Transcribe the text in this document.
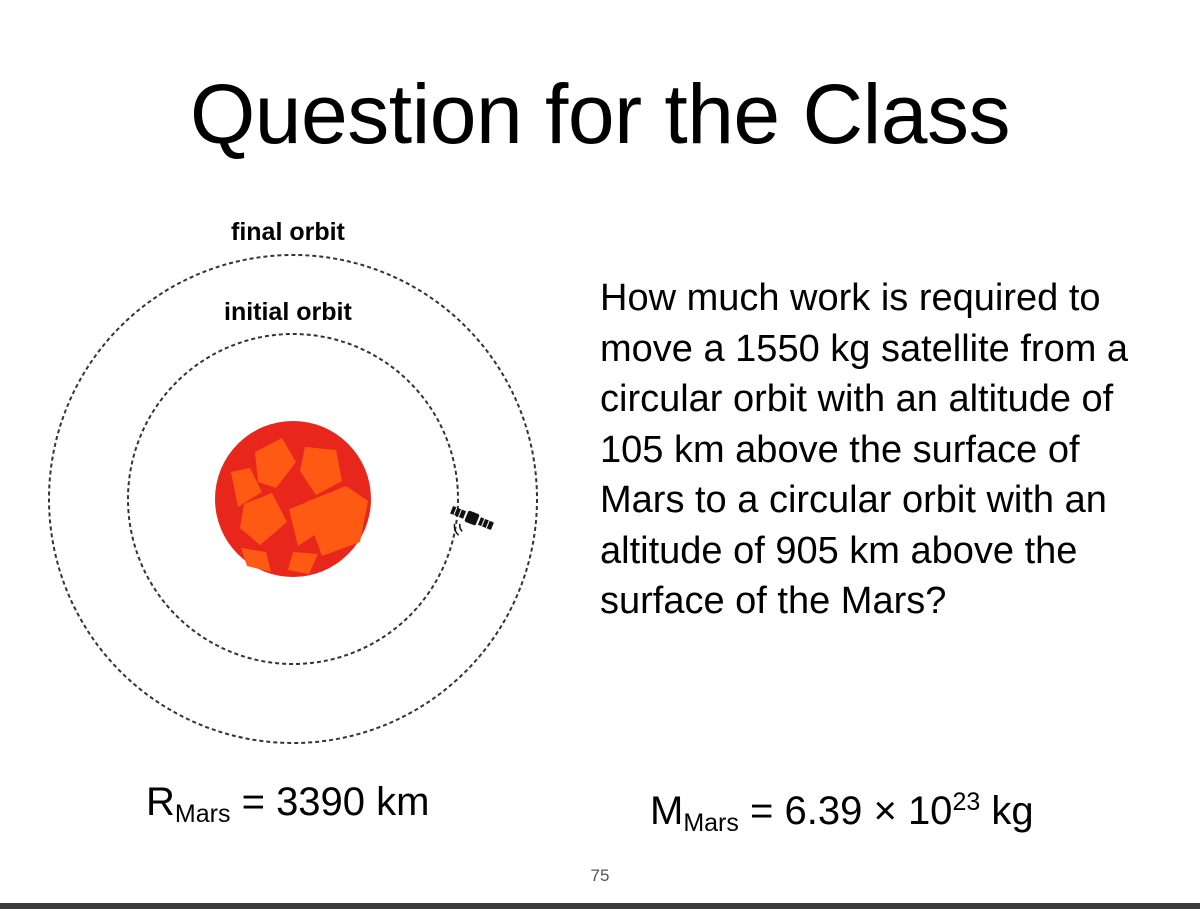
Question for the Class
final orbit
initial orbit	How much work is required to move a 1550 kg satellite from a circular orbit with an altitude of 105 km above the surface of Mars to a circular orbit with an altitude of 905 km above the surface of the Mars?
$R_{Mars} = 3390$ km	$M_{Mars} = 6.39 \times 10^{23}$ kg
75
